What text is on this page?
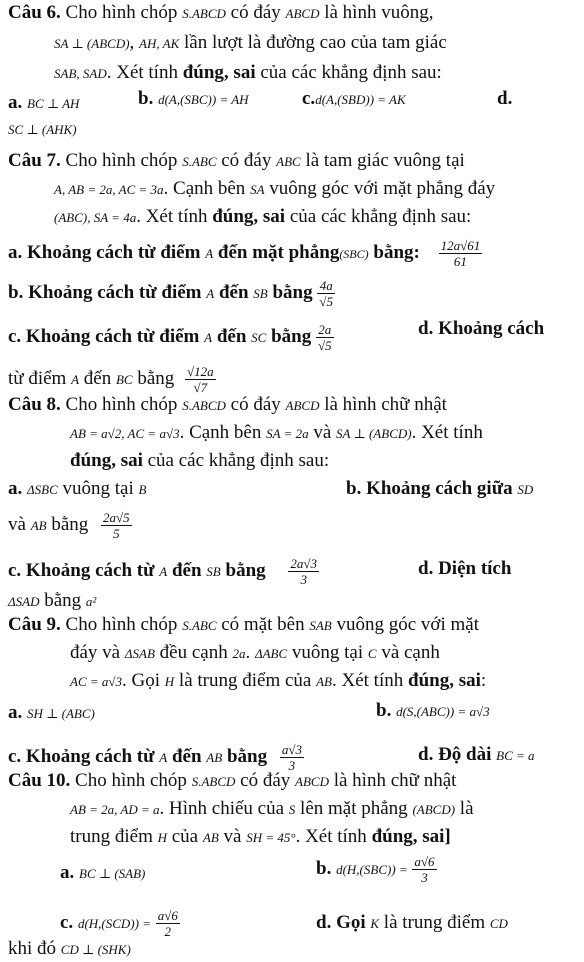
Câu 6. Cho hình chóp S.ABCD có đáy ABCD là hình vuông,
SA ⊥ (ABCD), AH, AK lần lượt là đường cao của tam giác
SAB, SAD. Xét tính đúng, sai của các khẳng định sau:
a. BC ⊥ AH	b. d(A,(SBC)) = AH	c.d(A,(SBD)) = AK	d.
SC ⊥ (AHK)
Câu 7. Cho hình chóp S.ABC có đáy ABC là tam giác vuông tại
A, AB = 2a, AC = 3a. Cạnh bên SA vuông góc với mặt phẳng đáy
(ABC), SA = 4a. Xét tính đúng, sai của các khẳng định sau:
a. Khoảng cách từ điểm A đến mặt phẳng(SBC) bằng: $\frac{12a√61}{61}$
b. Khoảng cách từ điểm A đến SB bằng $\frac{4a}{√5}$
c. Khoảng cách từ điểm A đến SC bằng $\frac{2a}{√5}$	d. Khoảng cách
từ điểm A đến BC bằng $\frac{√12a}{√7}$
Câu 8. Cho hình chóp S.ABCD có đáy ABCD là hình chữ nhật
AB = a√2, AC = a√3. Cạnh bên SA = 2a và SA ⊥ (ABCD). Xét tính
đúng, sai của các khẳng định sau:
a. ΔSBC vuông tại B	b. Khoảng cách giữa SD
và AB bằng $\frac{2a√5}{5}$
c. Khoảng cách từ A đến SB bằng $\frac{2a√3}{3}$	d. Diện tích
ΔSAD bằng a²
Câu 9. Cho hình chóp S.ABC có mặt bên SAB vuông góc với mặt
đáy và ΔSAB đều cạnh 2a. ΔABC vuông tại C và cạnh
AC = a√3. Gọi H là trung điểm của AB. Xét tính đúng, sai:
a. SH ⊥ (ABC)	b. d(S,(ABC)) = a√3
c. Khoảng cách từ A đến AB bằng $\frac{a√3}{3}$	d. Độ dài BC = a
Câu 10. Cho hình chóp S.ABCD có đáy ABCD là hình chữ nhật
AB = 2a, AD = a. Hình chiếu của S lên mặt phẳng (ABCD) là
trung điểm H của AB và SH = 45°. Xét tính đúng, sai]
a. BC ⊥ (SAB)	b. $d(H,(SBC)) = \frac{a√6}{3}$
c. $d(H,(SCD)) = \frac{a√6}{2}$	d. Gọi K là trung điểm CD
khi đó CD ⊥ (SHK)
